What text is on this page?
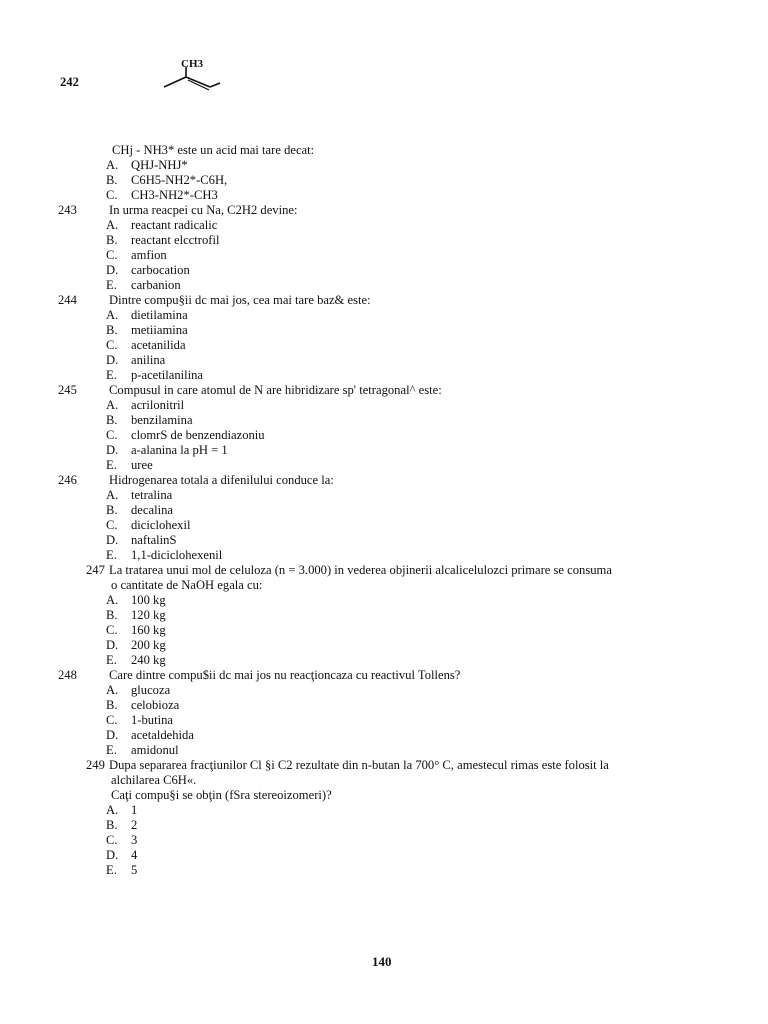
242
CH3
CHj - NH3* este un acid mai tare decat:
A. QHJ-NHJ*
B. C6H5-NH2*-C6H,
C. CH3-NH2*-CH3
243	In urma reacpei cu Na, C2H2 devine:
A. reactant radicalic
B. reactant elcctrofil
C. amfion
D. carbocation
E. carbanion
244	Dintre compu§ii dc mai jos, cea mai tare baz& este:
A. dietilamina
B. metiiamina
C. acetanilida
D. anilina
E. p-acetilanilina
245	Compusul in care atomul de N are hibridizare sp' tetragonal^ este:
A. acrilonitril
B. benzilamina
C. clomrS de benzendiazoniu
D. a-alanina la pH = 1
E. uree
246	Hidrogenarea totala a difenilului conduce la:
A. tetralina
B. decalina
C. diciclohexil
D. naftalinS
E. 1,1-diciclohexenil
247 La tratarea unui mol de celuloza (n = 3.000) in vederea objinerii alcalicelulozci primare se consuma
o cantitate de NaOH egala cu:
A. 100 kg
B. 120 kg
C. 160 kg
D. 200 kg
E. 240 kg
248	Care dintre compu$ii dc mai jos nu reacţioncaza cu reactivul Tollens?
A. glucoza
B. celobioza
C. 1-butina
D. acetaldehida
E. amidonul
249 Dupa separarea fracţiunilor Cl §i C2 rezultate din n-butan la 700° C, amestecul rimas este folosit la
alchilarea C6H«.
Caţi compu§i se obţin (fSra stereoizomeri)?
A. 1
B. 2
C. 3
D. 4
E. 5
140
